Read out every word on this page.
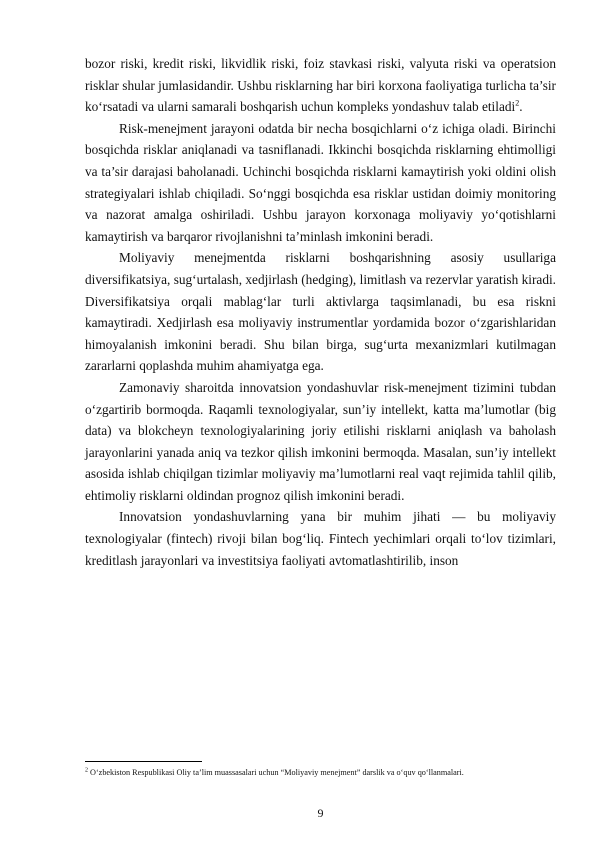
bozor riski, kredit riski, likvidlik riski, foiz stavkasi riski, valyuta riski va operatsion risklar shular jumlasidandir. Ushbu risklarning har biri korxona faoliyatiga turlicha ta’sir ko‘rsatadi va ularni samarali boshqarish uchun kompleks yondashuv talab etiladi$^2$.

Risk-menejment jarayoni odatda bir necha bosqichlarni o‘z ichiga oladi. Birinchi bosqichda risklar aniqlanadi va tasniflanadi. Ikkinchi bosqichda risklarning ehtimolligi va ta’sir darajasi baholanadi. Uchinchi bosqichda risklarni kamaytirish yoki oldini olish strategiyalari ishlab chiqiladi. So‘nggi bosqichda esa risklar ustidan doimiy monitoring va nazorat amalga oshiriladi. Ushbu jarayon korxonaga moliyaviy yo‘qotishlarni kamaytirish va barqaror rivojlanishni ta’minlash imkonini beradi.

Moliyaviy menejmentda risklarni boshqarishning asosiy usullariga diversifikatsiya, sug‘urtalash, xedjirlash (hedging), limitlash va rezervlar yaratish kiradi. Diversifikatsiya orqali mablag‘lar turli aktivlarga taqsimlanadi, bu esa riskni kamaytiradi. Xedjirlash esa moliyaviy instrumentlar yordamida bozor o‘zgarishlaridan himoyalanish imkonini beradi. Shu bilan birga, sug‘urta mexanizmlari kutilmagan zararlarni qoplashda muhim ahamiyatga ega.

Zamonaviy sharoitda innovatsion yondashuvlar risk-menejment tizimini tubdan o‘zgartirib bormoqda. Raqamli texnologiyalar, sun’iy intellekt, katta ma’lumotlar (big data) va blokcheyn texnologiyalarining joriy etilishi risklarni aniqlash va baholash jarayonlarini yanada aniq va tezkor qilish imkonini bermoqda. Masalan, sun’iy intellekt asosida ishlab chiqilgan tizimlar moliyaviy ma’lumotlarni real vaqt rejimida tahlil qilib, ehtimoliy risklarni oldindan prognoz qilish imkonini beradi.

Innovatsion yondashuvlarning yana bir muhim jihati — bu moliyaviy texnologiyalar (fintech) rivoji bilan bog‘liq. Fintech yechimlari orqali to‘lov tizimlari, kreditlash jarayonlari va investitsiya faoliyati avtomatlashtirilib, inson

$^2$ O‘zbekiston Respublikasi Oliy ta’lim muassasalari uchun “Moliyaviy menejment” darslik va o‘quv qo‘llanmalari.
9
